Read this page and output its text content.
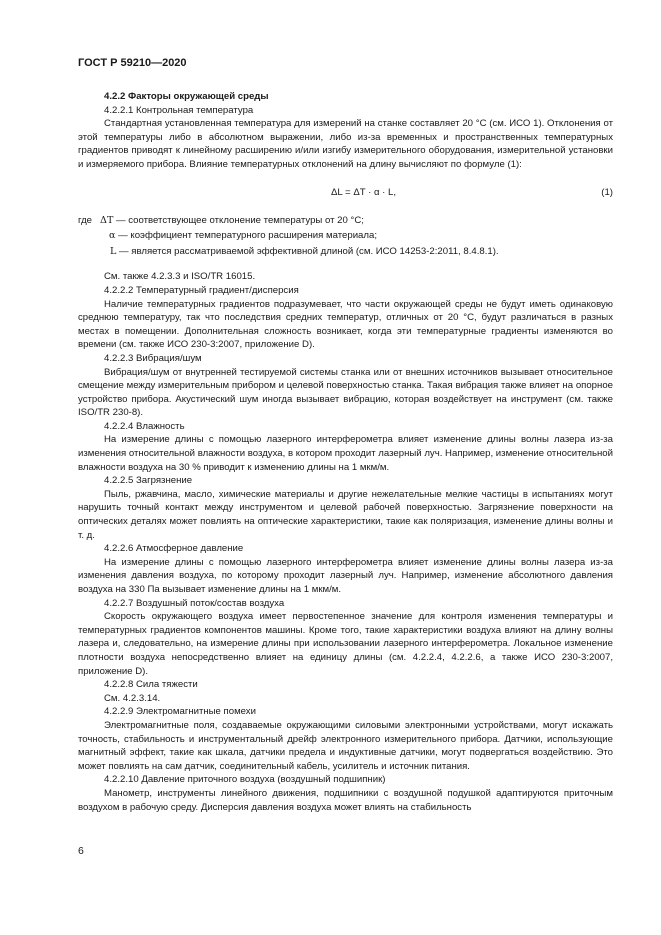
ГОСТ Р 59210—2020

4.2.2 Факторы окружающей среды

4.2.2.1 Контрольная температура

Стандартная установленная температура для измерений на станке составляет 20 °C (см. ИСО 1). Отклонения от этой температуры либо в абсолютном выражении, либо из-за временных и пространственных температурных градиентов приводят к линейному расширению и/или изгибу измерительного оборудования, измерительной установки и измеряемого прибора. Влияние температурных отклонений на длину вычисляют по формуле (1):

ΔL = ΔT · α · L,	(1)

где ΔT — соответствующее отклонение температуры от 20 °C;

α — коэффициент температурного расширения материала;

L — является рассматриваемой эффективной длиной (см. ИСО 14253-2:2011, 8.4.8.1).

См. также 4.2.3.3 и ISO/TR 16015.

4.2.2.2 Температурный градиент/дисперсия

Наличие температурных градиентов подразумевает, что части окружающей среды не будут иметь одинаковую среднюю температуру, так что последствия средних температур, отличных от 20 °C, будут различаться в разных местах в помещении. Дополнительная сложность возникает, когда эти температурные градиенты изменяются во времени (см. также ИСО 230-3:2007, приложение D).

4.2.2.3 Вибрация/шум

Вибрация/шум от внутренней тестируемой системы станка или от внешних источников вызывает относительное смещение между измерительным прибором и целевой поверхностью станка. Такая вибрация также влияет на опорное устройство прибора. Акустический шум иногда вызывает вибрацию, которая воздействует на инструмент (см. также ISO/TR 230-8).

4.2.2.4 Влажность

На измерение длины с помощью лазерного интерферометра влияет изменение длины волны лазера из-за изменения относительной влажности воздуха, в котором проходит лазерный луч. Например, изменение относительной влажности воздуха на 30 % приводит к изменению длины на 1 мкм/м.

4.2.2.5 Загрязнение

Пыль, ржавчина, масло, химические материалы и другие нежелательные мелкие частицы в испытаниях могут нарушить точный контакт между инструментом и целевой рабочей поверхностью. Загрязнение поверхности на оптических деталях может повлиять на оптические характеристики, такие как поляризация, изменение длины волны и т. д.

4.2.2.6 Атмосферное давление

На измерение длины с помощью лазерного интерферометра влияет изменение длины волны лазера из-за изменения давления воздуха, по которому проходит лазерный луч. Например, изменение абсолютного давления воздуха на 330 Па вызывает изменение длины на 1 мкм/м.

4.2.2.7 Воздушный поток/состав воздуха

Скорость окружающего воздуха имеет первостепенное значение для контроля изменения температуры и температурных градиентов компонентов машины. Кроме того, такие характеристики воздуха влияют на длину волны лазера и, следовательно, на измерение длины при использовании лазерного интерферометра. Локальное изменение плотности воздуха непосредственно влияет на единицу длины (см. 4.2.2.4, 4.2.2.6, а также ИСО 230-3:2007, приложение D).

4.2.2.8 Сила тяжести

См. 4.2.3.14.

4.2.2.9 Электромагнитные помехи

Электромагнитные поля, создаваемые окружающими силовыми электронными устройствами, могут искажать точность, стабильность и инструментальный дрейф электронного измерительного прибора. Датчики, использующие магнитный эффект, такие как шкала, датчики предела и индуктивные датчики, могут подвергаться воздействию. Это может повлиять на сам датчик, соединительный кабель, усилитель и источник питания.

4.2.2.10 Давление приточного воздуха (воздушный подшипник)

Манометр, инструменты линейного движения, подшипники с воздушной подушкой адаптируются приточным воздухом в рабочую среду. Дисперсия давления воздуха может влиять на стабильность

6
